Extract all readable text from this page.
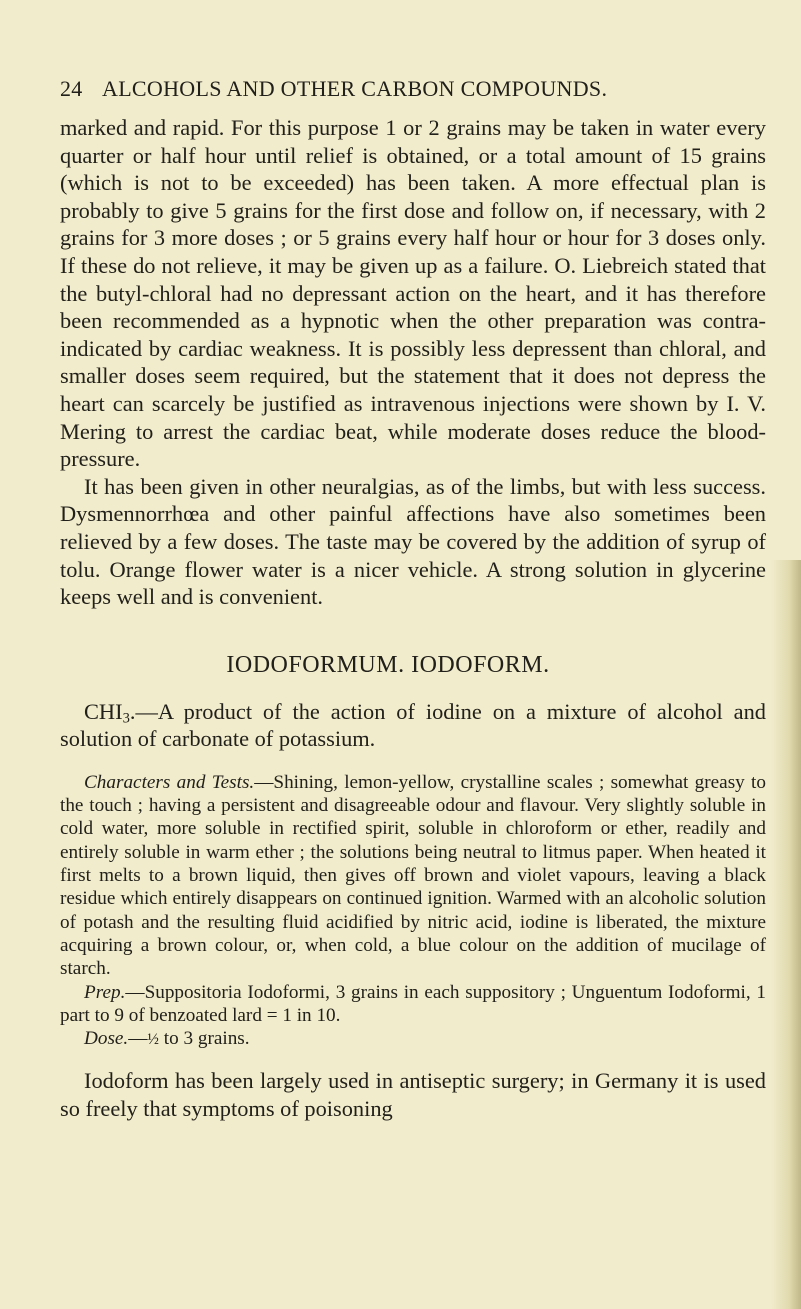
24 ALCOHOLS AND OTHER CARBON COMPOUNDS.

marked and rapid. For this purpose 1 or 2 grains may be taken in water every quarter or half hour until relief is obtained, or a total amount of 15 grains (which is not to be exceeded) has been taken. A more effectual plan is probably to give 5 grains for the first dose and follow on, if necessary, with 2 grains for 3 more doses ; or 5 grains every half hour or hour for 3 doses only. If these do not relieve, it may be given up as a failure. O. Liebreich stated that the butyl-chloral had no depressant action on the heart, and it has therefore been recommended as a hypnotic when the other preparation was contra-indicated by cardiac weakness. It is possibly less depressent than chloral, and smaller doses seem required, but the statement that it does not depress the heart can scarcely be justified as intravenous injections were shown by I. V. Mering to arrest the cardiac beat, while moderate doses reduce the blood-pressure.

It has been given in other neuralgias, as of the limbs, but with less success. Dysmennorrhœa and other painful affections have also sometimes been relieved by a few doses. The taste may be covered by the addition of syrup of tolu. Orange flower water is a nicer vehicle. A strong solution in glycerine keeps well and is convenient.

IODOFORMUM. IODOFORM.

$CHI_3.—A$ product of the action of iodine on a mixture of alcohol and solution of carbonate of potassium.

Characters and Tests.—Shining, lemon-yellow, crystalline scales ; somewhat greasy to the touch ; having a persistent and disagreeable odour and flavour. Very slightly soluble in cold water, more soluble in rectified spirit, soluble in chloroform or ether, readily and entirely soluble in warm ether ; the solutions being neutral to litmus paper. When heated it first melts to a brown liquid, then gives off brown and violet vapours, leaving a black residue which entirely disappears on continued ignition. Warmed with an alcoholic solution of potash and the resulting fluid acidified by nitric acid, iodine is liberated, the mixture acquiring a brown colour, or, when cold, a blue colour on the addition of mucilage of starch.

Prep.—Suppositoria Iodoformi, 3 grains in each suppository ; Unguentum Iodoformi, 1 part to 9 of benzoated lard = 1 in 10.

Dose.—½ to 3 grains.

Iodoform has been largely used in antiseptic surgery; in Germany it is used so freely that symptoms of poisoning
